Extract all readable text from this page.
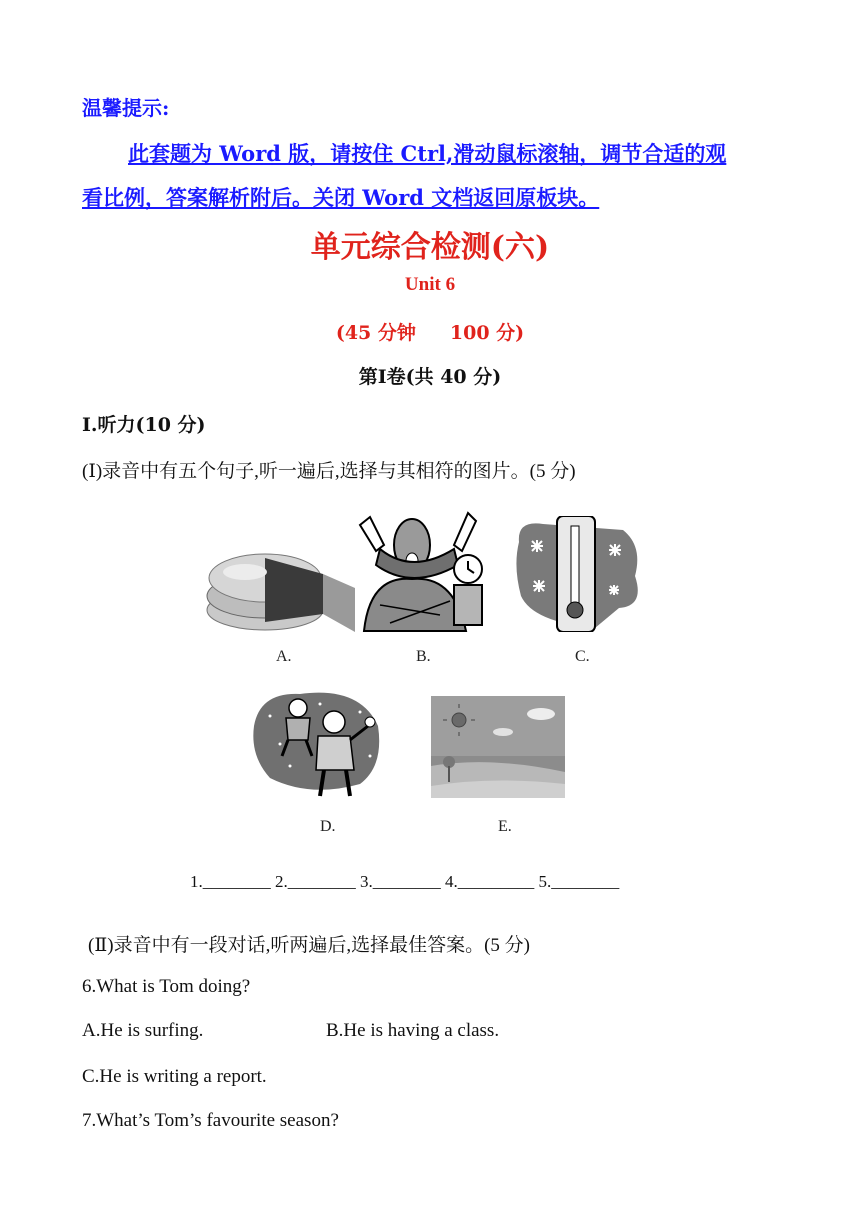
温馨提示:
此套题为 Word 版，请按住 Ctrl,滑动鼠标滚轴，调节合适的观
看比例，答案解析附后。关闭 Word 文档返回原板块。
单元综合检测(六)
Unit 6
(45 分钟 100 分)
第Ⅰ卷(共 40 分)
Ⅰ.听力(10 分)
(Ⅰ)录音中有五个句子,听一遍后,选择与其相符的图片。(5 分)
A.	B.	C.
D.	E.
1.________ 2.________ 3.________ 4._________ 5.________
(Ⅱ)录音中有一段对话,听两遍后,选择最佳答案。(5 分)
6.What is Tom doing?
A.He is surfing.	B.He is having a class.
C.He is writing a report.
7.What’s Tom’s favourite season?
